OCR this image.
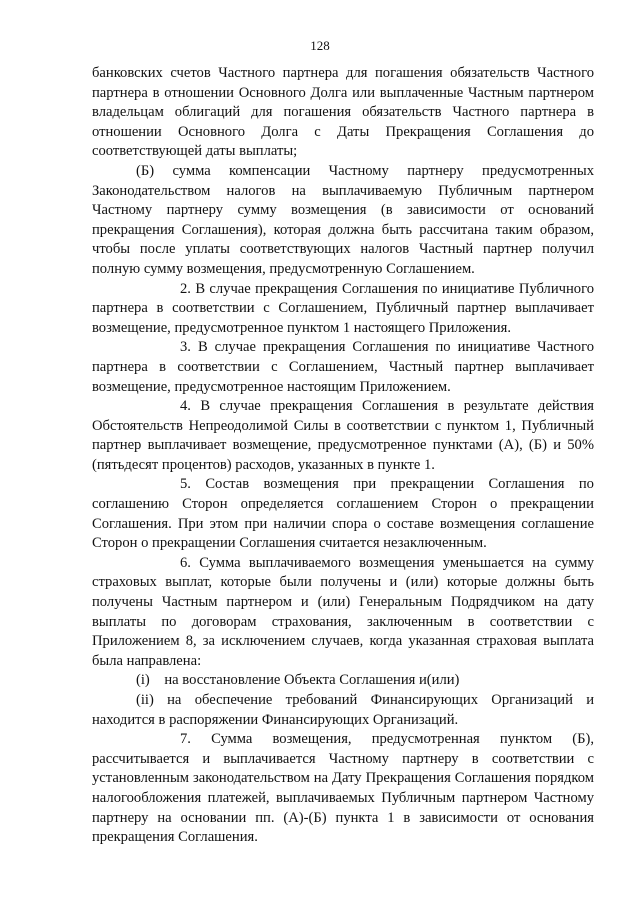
128

банковских счетов Частного партнера для погашения обязательств Частного партнера в отношении Основного Долга или выплаченные Частным партнером владельцам облигаций для погашения обязательств Частного партнера в отношении Основного Долга с Даты Прекращения Соглашения до соответствующей даты выплаты;

(Б) сумма компенсации Частному партнеру предусмотренных Законодательством налогов на выплачиваемую Публичным партнером Частному партнеру сумму возмещения (в зависимости от оснований прекращения Соглашения), которая должна быть рассчитана таким образом, чтобы после уплаты соответствующих налогов Частный партнер получил полную сумму возмещения, предусмотренную Соглашением.

2. В случае прекращения Соглашения по инициативе Публичного партнера в соответствии с Соглашением, Публичный партнер выплачивает возмещение, предусмотренное пунктом 1 настоящего Приложения.

3. В случае прекращения Соглашения по инициативе Частного партнера в соответствии с Соглашением, Частный партнер выплачивает возмещение, предусмотренное настоящим Приложением.

4. В случае прекращения Соглашения в результате действия Обстоятельств Непреодолимой Силы в соответствии с пунктом 1, Публичный партнер выплачивает возмещение, предусмотренное пунктами (А), (Б) и 50% (пятьдесят процентов) расходов, указанных в пункте 1.

5. Состав возмещения при прекращении Соглашения по соглашению Сторон определяется соглашением Сторон о прекращении Соглашения. При этом при наличии спора о составе возмещения соглашение Сторон о прекращении Соглашения считается незаключенным.

6. Сумма выплачиваемого возмещения уменьшается на сумму страховых выплат, которые были получены и (или) которые должны быть получены Частным партнером и (или) Генеральным Подрядчиком на дату выплаты по договорам страхования, заключенным в соответствии с Приложением 8, за исключением случаев, когда указанная страховая выплата была направлена:

(i)    на восстановление Объекта Соглашения и(или)

(ii) на обеспечение требований Финансирующих Организаций и находится в распоряжении Финансирующих Организаций.

7. Сумма возмещения, предусмотренная пунктом (Б), рассчитывается и выплачивается Частному партнеру в соответствии с установленным законодательством на Дату Прекращения Соглашения порядком налогообложения платежей, выплачиваемых Публичным партнером Частному партнеру на основании пп. (А)-(Б) пункта 1 в зависимости от основания прекращения Соглашения.
